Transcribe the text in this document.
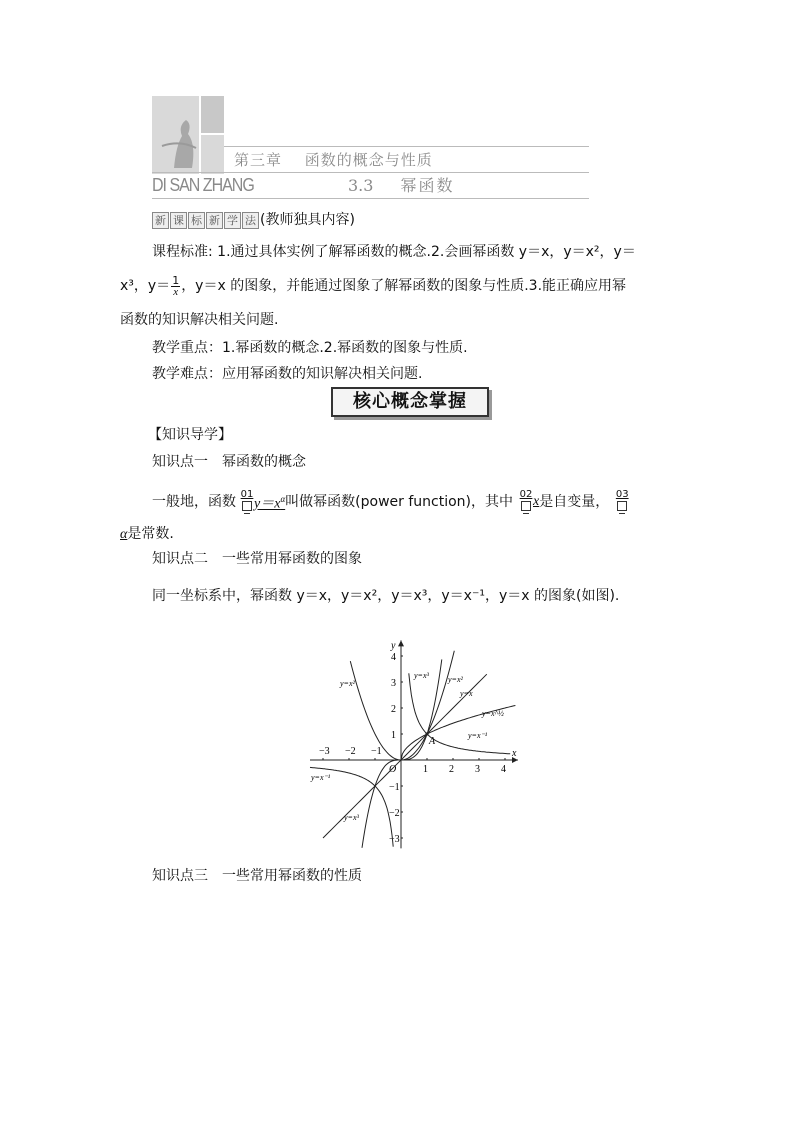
第三章 函数的概念与性质
DI SAN ZHANG	3.3 幂函数
新 课 标 新 学 法 (教师独具内容)
课程标准: 1.通过具体实例了解幂函数的概念.2.会画幂函数 y＝x，y＝x²，y＝
x³，$y= \frac{1}{x}$ ，y＝x 的图象，并能通过图象了解幂函数的图象与性质.3.能正确应用幂
函数的知识解决相关问题.
教学重点：1.幂函数的概念.2.幂函数的图象与性质.
教学难点：应用幂函数的知识解决相关问题.
核心概念掌握
【知识导学】
知识点一　幂函数的概念
一般地，函数 01
$y=x^\alpha$ 叫做幂函数(power function)，其中 02 x 是自变量， 03
α是常数.
知识点二　一些常用幂函数的图象
同一坐标系中，幂函数 y＝x，y＝x²，y＝x³，y＝x⁻¹，y＝x 的图象(如图).
x
y
O
−3 −2 −1
1 2 3 4
4
3
2
1
−1
−2
−3
A
y=x²
y=x³ y=x²
y=x
y=x^½
y=x⁻¹
y=x⁻¹
y=x³
知识点三　一些常用幂函数的性质
